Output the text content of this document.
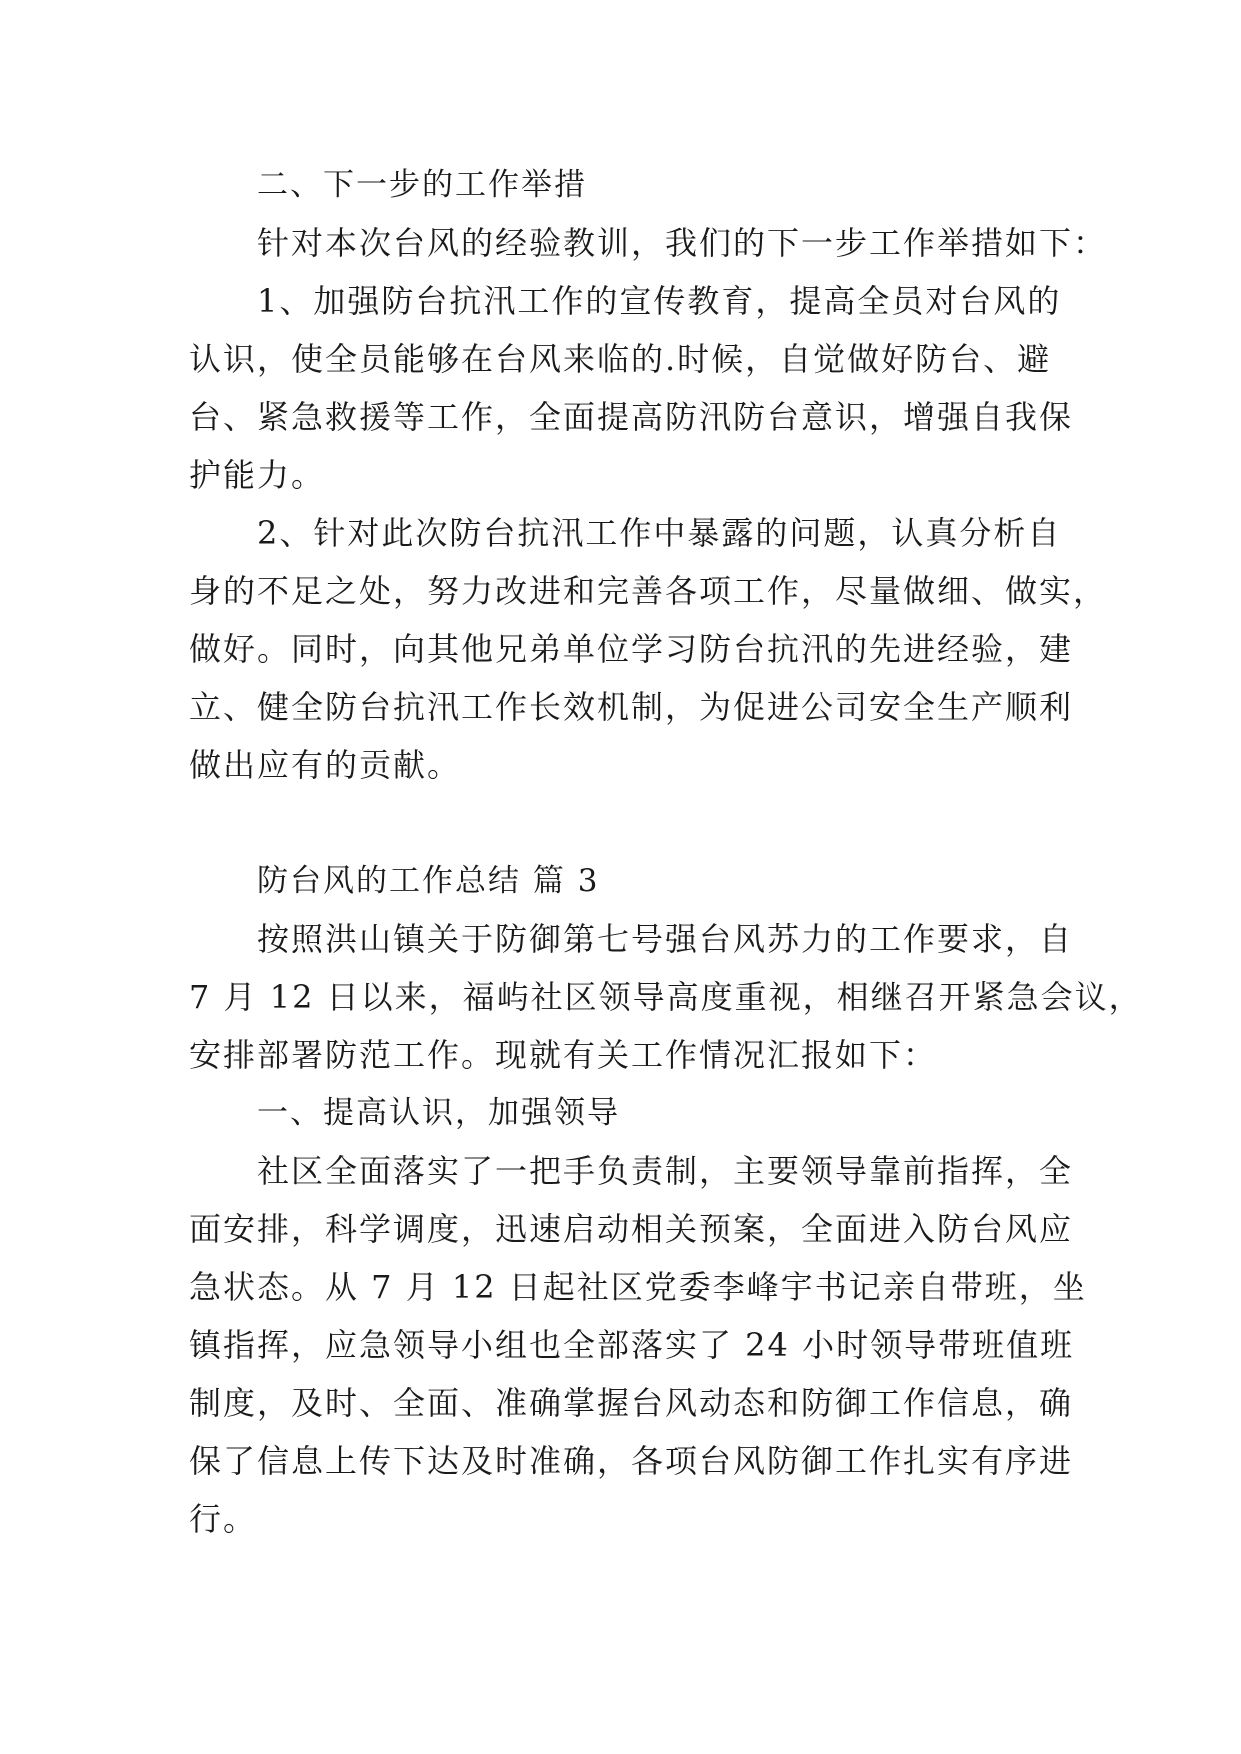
二、下一步的工作举措
针对本次台风的经验教训，我们的下一步工作举措如下：
1、加强防台抗汛工作的宣传教育，提高全员对台风的
认识，使全员能够在台风来临的.时候，自觉做好防台、避
台、紧急救援等工作，全面提高防汛防台意识，增强自我保
护能力。
2、针对此次防台抗汛工作中暴露的问题，认真分析自
身的不足之处，努力改进和完善各项工作，尽量做细、做实，
做好。同时，向其他兄弟单位学习防台抗汛的先进经验，建
立、健全防台抗汛工作长效机制，为促进公司安全生产顺利
做出应有的贡献。
防台风的工作总结 篇 3
按照洪山镇关于防御第七号强台风苏力的工作要求，自
7 月 12 日以来，福屿社区领导高度重视，相继召开紧急会议，
安排部署防范工作。现就有关工作情况汇报如下：
一、提高认识，加强领导
社区全面落实了一把手负责制，主要领导靠前指挥，全
面安排，科学调度，迅速启动相关预案，全面进入防台风应
急状态。从 7 月 12 日起社区党委李峰宇书记亲自带班，坐
镇指挥，应急领导小组也全部落实了 24 小时领导带班值班
制度，及时、全面、准确掌握台风动态和防御工作信息，确
保了信息上传下达及时准确，各项台风防御工作扎实有序进
行。
